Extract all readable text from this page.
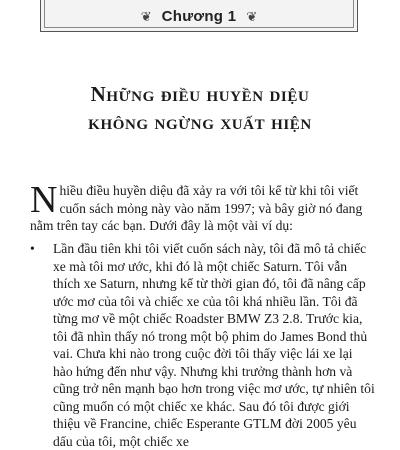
❦ Chương 1 ❦
Những điều huyền diệu
không ngừng xuất hiện

Nhiều điều huyền diệu đã xảy ra với tôi kể từ khi tôi viết cuốn sách mỏng này vào năm 1997; và bây giờ nó đang nằm trên tay các bạn. Dưới đây là một vài ví dụ:

•	Lần đầu tiên khi tôi viết cuốn sách này, tôi đã mô tả chiếc xe mà tôi mơ ước, khi đó là một chiếc Saturn. Tôi vẫn thích xe Saturn, nhưng kể từ thời gian đó, tôi đã nâng cấp ước mơ của tôi và chiếc xe của tôi khá nhiều lần. Tôi đã từng mơ về một chiếc Roadster BMW Z3 2.8. Trước kia, tôi đã nhìn thấy nó trong một bộ phim do James Bond thủ vai. Chưa khi nào trong cuộc đời tôi thấy việc lái xe lại hào hứng đến như vậy. Nhưng khi trưởng thành hơn và cũng trở nên mạnh bạo hơn trong việc mơ ước, tự nhiên tôi cũng muốn có một chiếc xe khác. Sau đó tôi được giới thiệu về Francine, chiếc Esperante GTLM đời 2005 yêu dấu của tôi, một chiếc xe
